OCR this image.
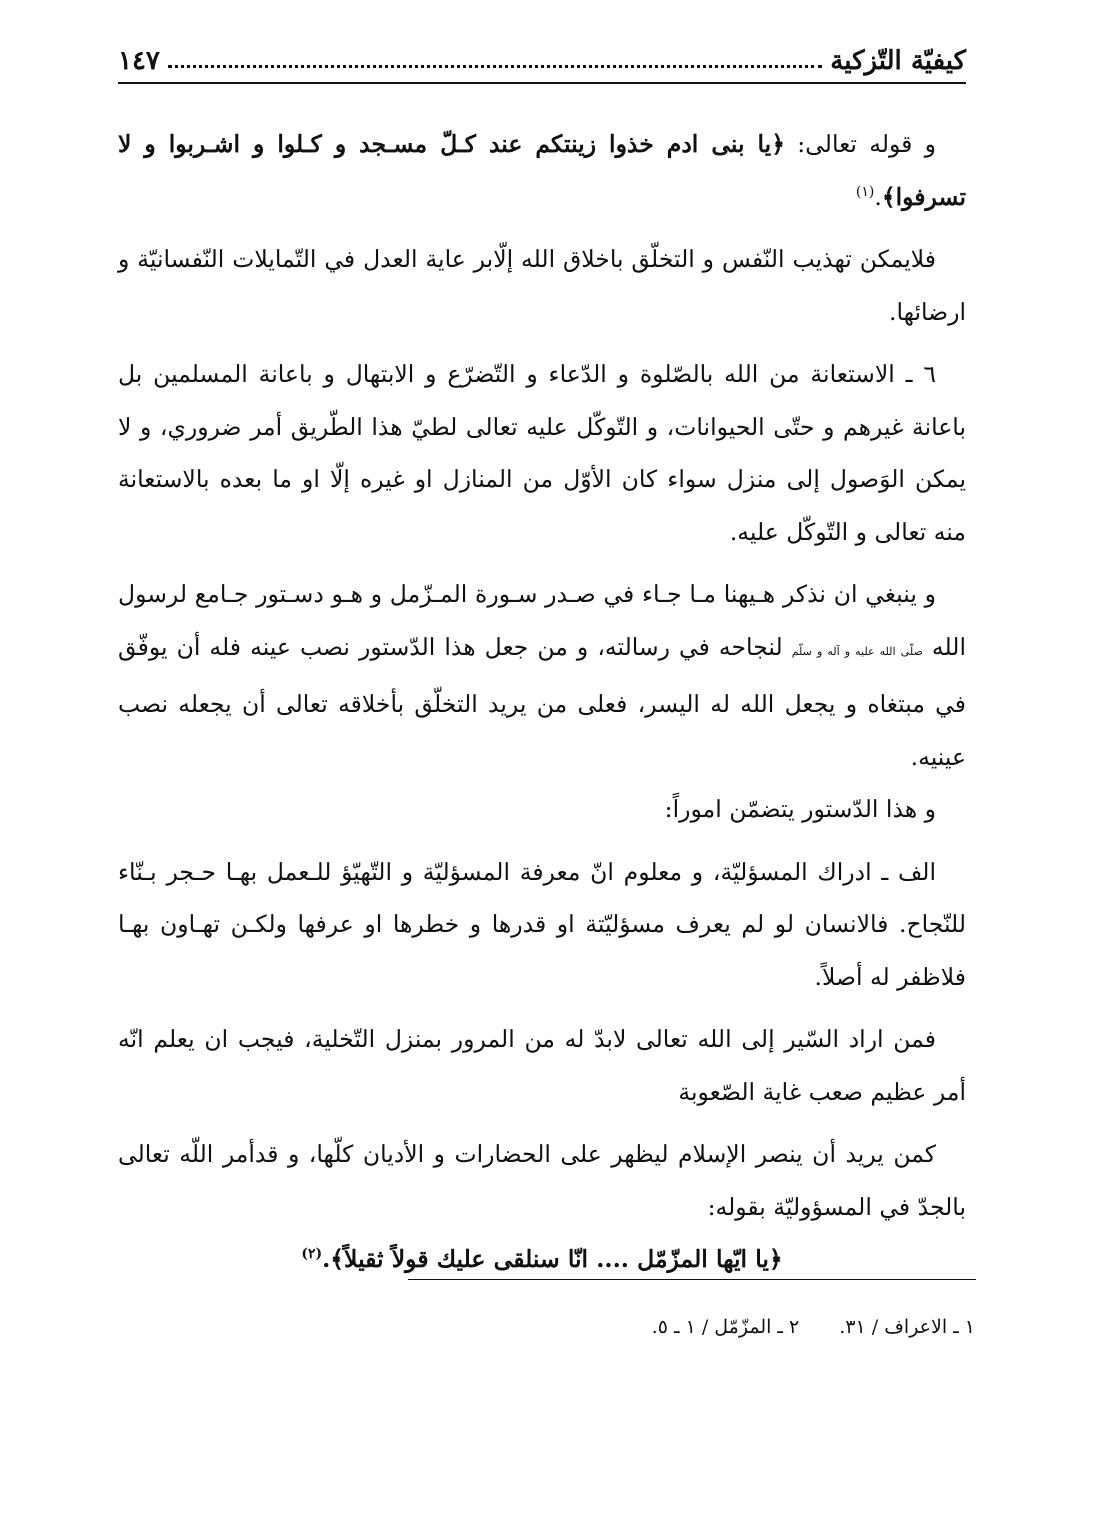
كيفيّة التّزكية
١٤٧

و قوله تعالى: ﴿يا بنى ادم خذوا زينتكم عند كـلّ مسـجد و كـلوا و اشـربوا و لا تسرفوا﴾.$^{(١)}$

فلايمكن تهذيب النّفس و التخلّق باخلاق الله إلّابر عاية العدل في التّمايلات النّفسانيّة و ارضائها.

٦ ـ الاستعانة من الله بالصّلوة و الدّعاء و التّضرّع و الابتهال و باعانة المسلمين بل باعانة غيرهم و حتّى الحيوانات، و التّوكّل عليه تعالى لطيّ هذا الطّريق أمر ضروري، و لا يمكن الوَصول إلى منزل سواء كان الأوّل من المنازل او غيره إلّا او ما بعده بالاستعانة منه تعالى و التّوكّل عليه.

و ينبغي ان نذكر هـيهنا مـا جـاء في صـدر سـورة المـزّمل و هـو دسـتور جـامع لرسول الله صلّى الله عليه و آله و سلّم لنجاحه في رسالته، و من جعل هذا الدّستور نصب عينه فله أن يوفّق في مبتغاه و يجعل الله له اليسر، فعلى من يريد التخلّق بأخلاقه تعالى أن يجعله نصب عينيه.

و هذا الدّستور يتضمّن اموراً:

الف ـ ادراك المسؤليّة، و معلوم انّ معرفة المسؤليّة و التّهيّؤ للـعمل بهـا حـجر بـنّاء للنّجاح. فالانسان لو لم يعرف مسؤليّتة او قدرها و خطرها او عرفها ولكـن تهـاون بهـا فلاظفر له أصلاً.

فمن اراد السّير إلى الله تعالى لابدّ له من المرور بمنزل التّخلية، فيجب ان يعلم انّه أمر عظيم صعب غاية الصّعوبة

كمن يريد أن ينصر الإسلام ليظهر على الحضارات و الأديان كلّها، و قدأمر اللّه تعالى بالجدّ في المسؤوليّة بقوله:

﴿يا ايّها المزّمّل .... انّا سنلقى عليك قولاً ثقيلاً﴾.$^{(٢)}$

١ ـ الاعراف / ٣١.
٢ ـ المزّمّل / ١ ـ ٥.
